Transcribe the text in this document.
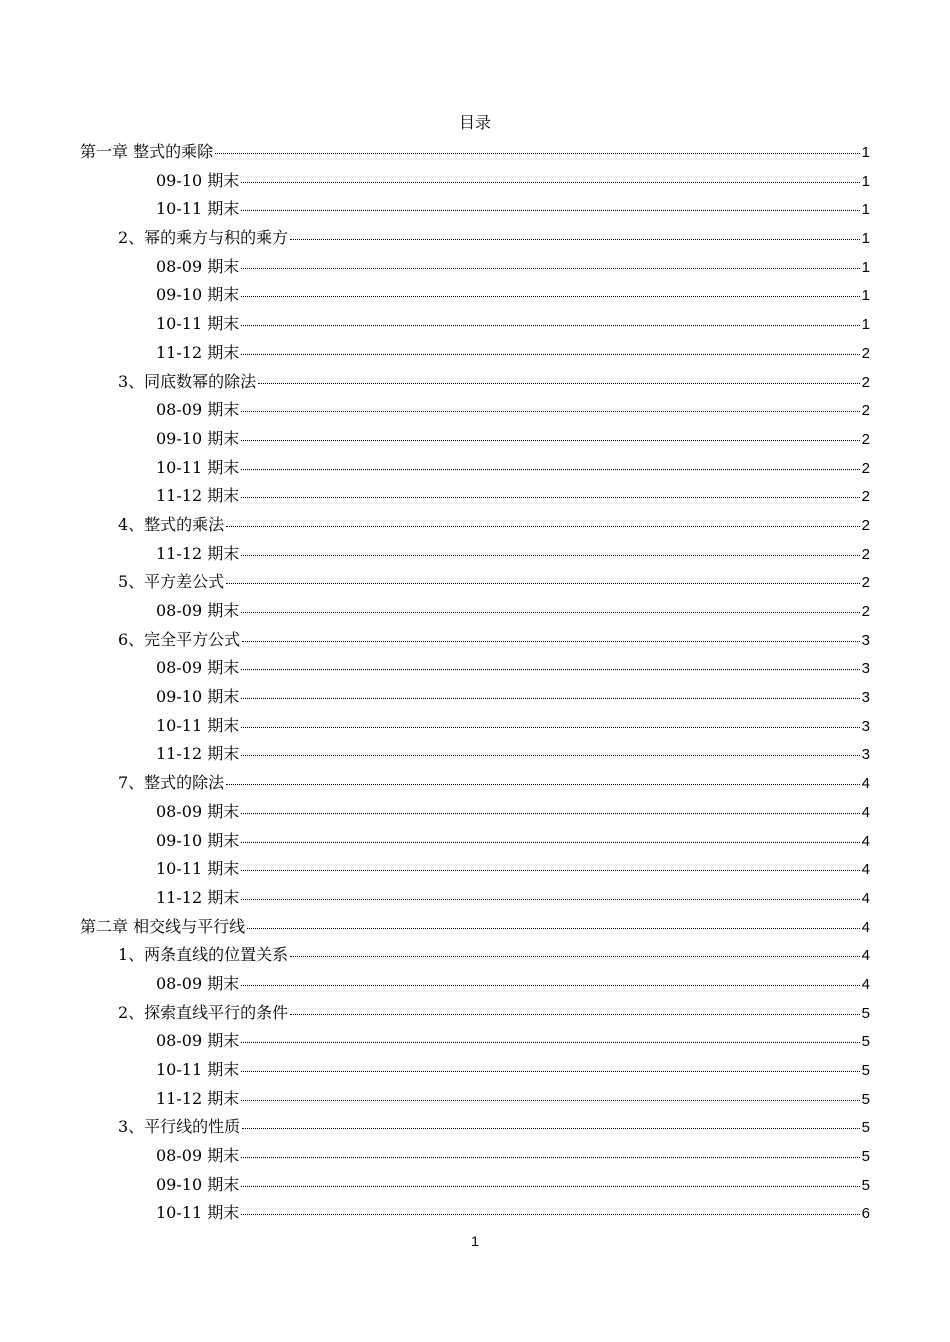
目录
第一章 整式的乘除	1
09-10 期末	1
10-11 期末	1
2、幂的乘方与积的乘方	1
08-09 期末	1
09-10 期末	1
10-11 期末	1
11-12 期末	2
3、同底数幂的除法	2
08-09 期末	2
09-10 期末	2
10-11 期末	2
11-12 期末	2
4、整式的乘法	2
11-12 期末	2
5、平方差公式	2
08-09 期末	2
6、完全平方公式	3
08-09 期末	3
09-10 期末	3
10-11 期末	3
11-12 期末	3
7、整式的除法	4
08-09 期末	4
09-10 期末	4
10-11 期末	4
11-12 期末	4
第二章 相交线与平行线	4
1、两条直线的位置关系	4
08-09 期末	4
2、探索直线平行的条件	5
08-09 期末	5
10-11 期末	5
11-12 期末	5
3、平行线的性质	5
08-09 期末	5
09-10 期末	5
10-11 期末	6
1
